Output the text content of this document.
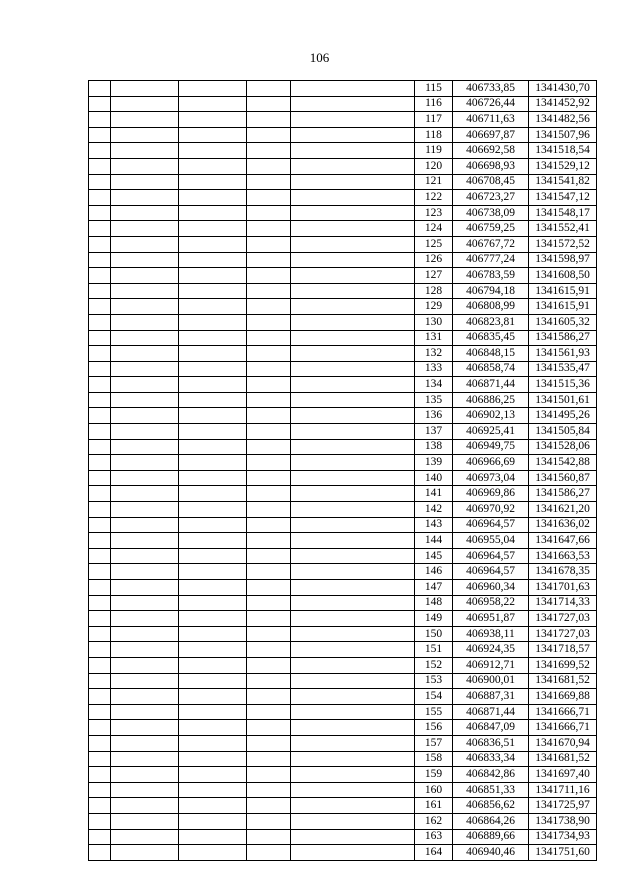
106
					115	406733,85	1341430,70
					116	406726,44	1341452,92
					117	406711,63	1341482,56
					118	406697,87	1341507,96
					119	406692,58	1341518,54
					120	406698,93	1341529,12
					121	406708,45	1341541,82
					122	406723,27	1341547,12
					123	406738,09	1341548,17
					124	406759,25	1341552,41
					125	406767,72	1341572,52
					126	406777,24	1341598,97
					127	406783,59	1341608,50
					128	406794,18	1341615,91
					129	406808,99	1341615,91
					130	406823,81	1341605,32
					131	406835,45	1341586,27
					132	406848,15	1341561,93
					133	406858,74	1341535,47
					134	406871,44	1341515,36
					135	406886,25	1341501,61
					136	406902,13	1341495,26
					137	406925,41	1341505,84
					138	406949,75	1341528,06
					139	406966,69	1341542,88
					140	406973,04	1341560,87
					141	406969,86	1341586,27
					142	406970,92	1341621,20
					143	406964,57	1341636,02
					144	406955,04	1341647,66
					145	406964,57	1341663,53
					146	406964,57	1341678,35
					147	406960,34	1341701,63
					148	406958,22	1341714,33
					149	406951,87	1341727,03
					150	406938,11	1341727,03
					151	406924,35	1341718,57
					152	406912,71	1341699,52
					153	406900,01	1341681,52
					154	406887,31	1341669,88
					155	406871,44	1341666,71
					156	406847,09	1341666,71
					157	406836,51	1341670,94
					158	406833,34	1341681,52
					159	406842,86	1341697,40
					160	406851,33	1341711,16
					161	406856,62	1341725,97
					162	406864,26	1341738,90
					163	406889,66	1341734,93
					164	406940,46	1341751,60
